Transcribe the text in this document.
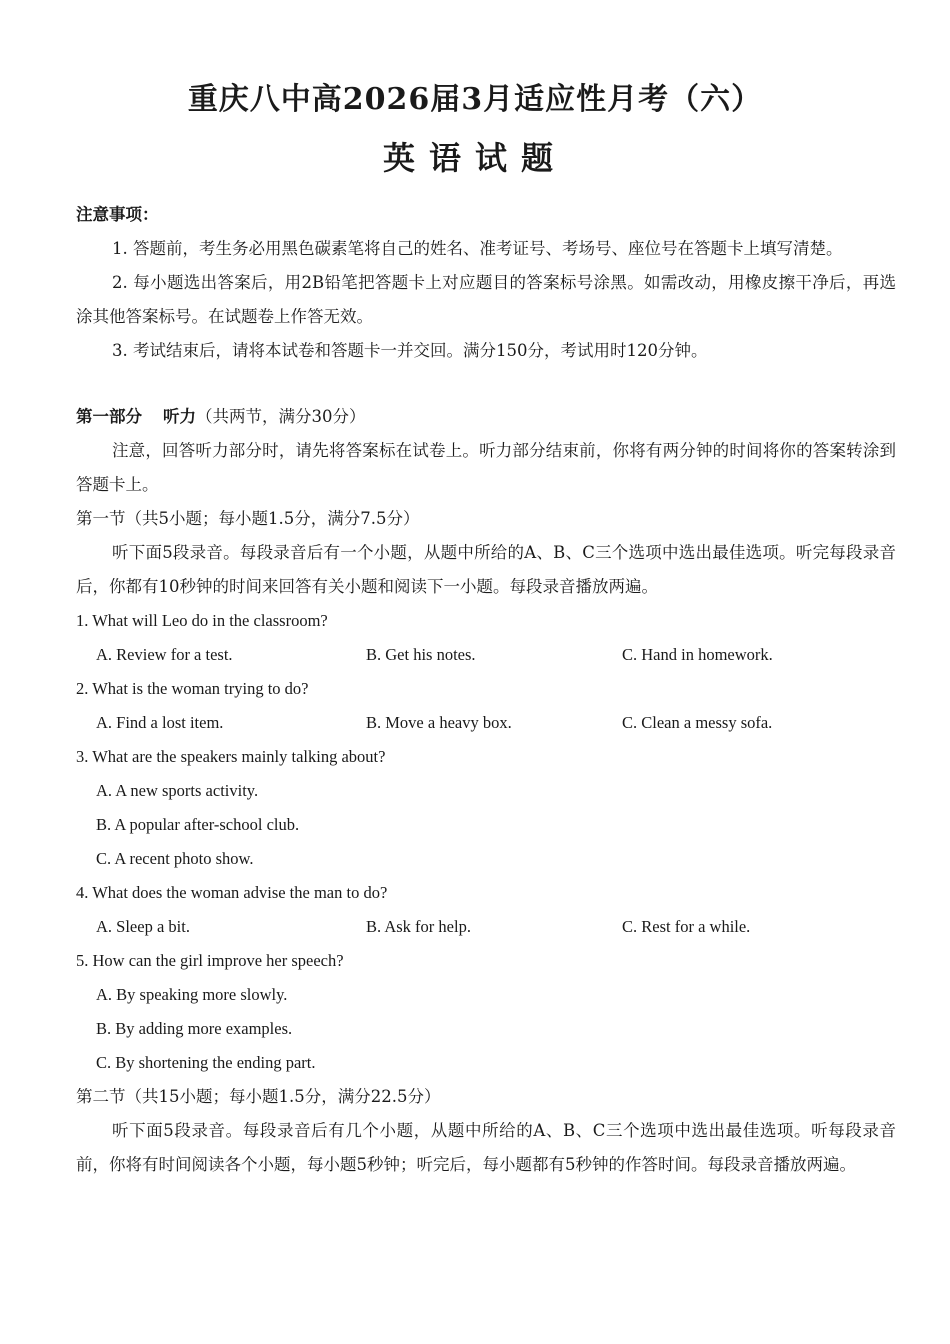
重庆八中高2026届3月适应性月考（六）
英语试题

注意事项：

1. 答题前，考生务必用黑色碳素笔将自己的姓名、准考证号、考场号、座位号在答题卡上填写清楚。

2. 每小题选出答案后，用2B铅笔把答题卡上对应题目的答案标号涂黑。如需改动，用橡皮擦干净后，再选涂其他答案标号。在试题卷上作答无效。

3. 考试结束后，请将本试卷和答题卡一并交回。满分150分，考试用时120分钟。

第一部分 听力（共两节，满分30分）

注意，回答听力部分时，请先将答案标在试卷上。听力部分结束前，你将有两分钟的时间将你的答案转涂到答题卡上。

第一节（共5小题；每小题1.5分，满分7.5分）

听下面5段录音。每段录音后有一个小题，从题中所给的A、B、C三个选项中选出最佳选项。听完每段录音后，你都有10秒钟的时间来回答有关小题和阅读下一小题。每段录音播放两遍。

1. What will Leo do in the classroom?

A. Review for a test.	B. Get his notes.	C. Hand in homework.

2. What is the woman trying to do?

A. Find a lost item.	B. Move a heavy box.	C. Clean a messy sofa.

3. What are the speakers mainly talking about?

A. A new sports activity.

B. A popular after-school club.

C. A recent photo show.

4. What does the woman advise the man to do?

A. Sleep a bit.	B. Ask for help.	C. Rest for a while.

5. How can the girl improve her speech?

A. By speaking more slowly.

B. By adding more examples.

C. By shortening the ending part.

第二节（共15小题；每小题1.5分，满分22.5分）

听下面5段录音。每段录音后有几个小题，从题中所给的A、B、C三个选项中选出最佳选项。听每段录音前，你将有时间阅读各个小题，每小题5秒钟；听完后，每小题都有5秒钟的作答时间。每段录音播放两遍。
